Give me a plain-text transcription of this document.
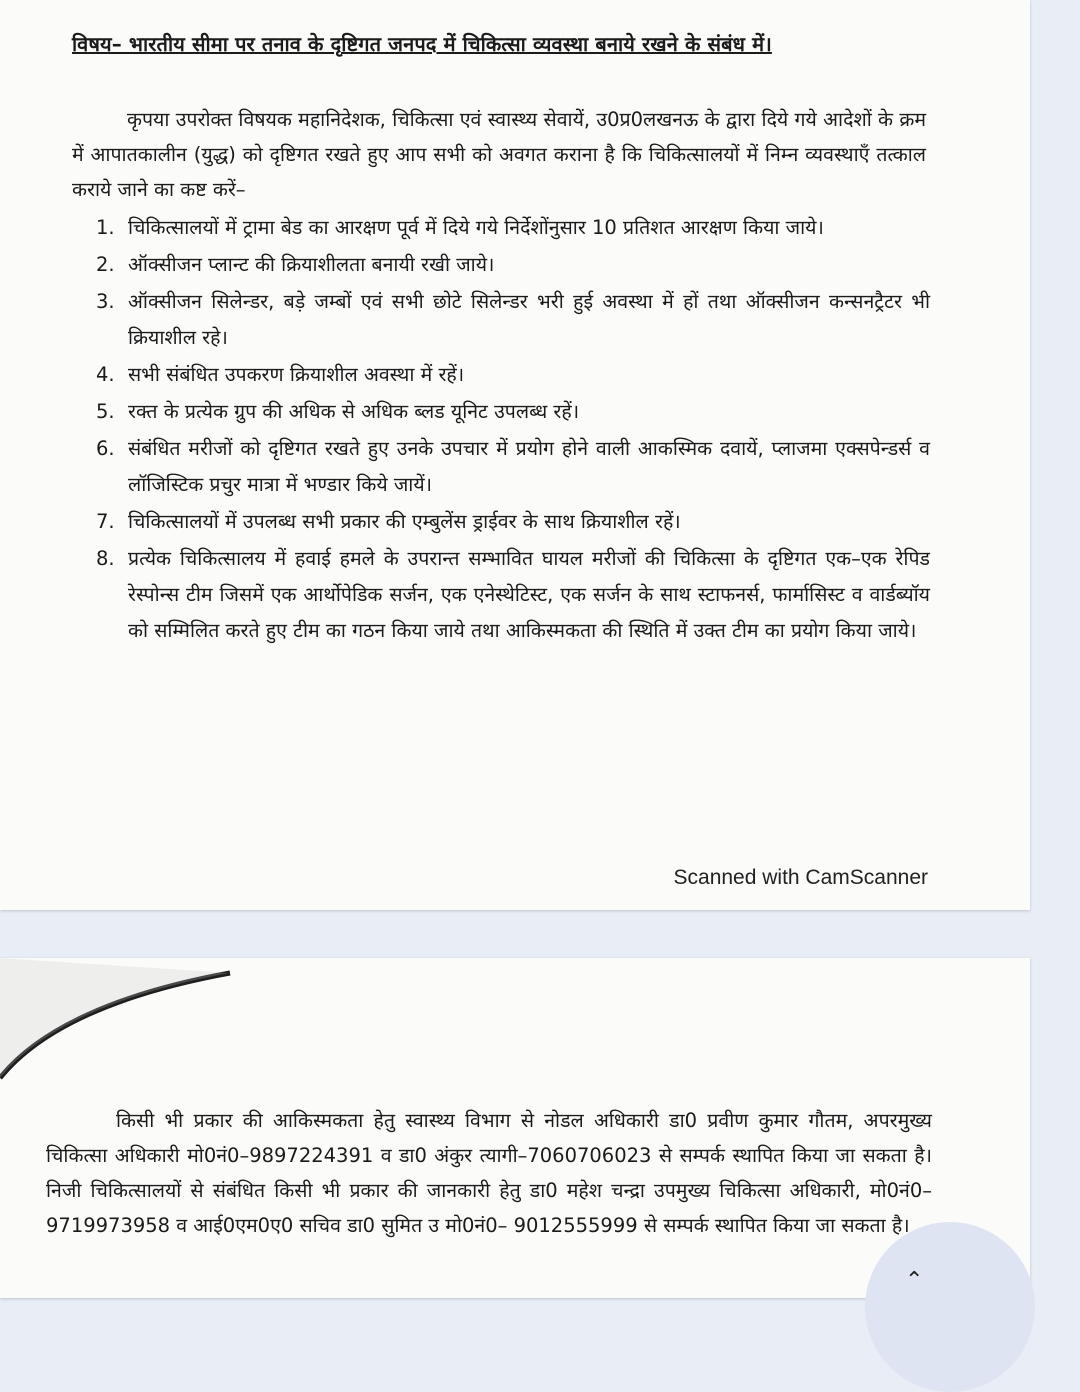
विषय– भारतीय सीमा पर तनाव के दृष्टिगत जनपद में चिकित्सा व्यवस्था बनाये रखने के संबंध में।
कृपया उपरोक्त विषयक महानिदेशक, चिकित्सा एवं स्वास्थ्य सेवायें, उ0प्र0लखनऊ के द्वारा दिये गये आदेशों के क्रम में आपातकालीन (युद्ध) को दृष्टिगत रखते हुए आप सभी को अवगत कराना है कि चिकित्सालयों में निम्न व्यवस्थाएँ तत्काल कराये जाने का कष्ट करें–
1. चिकित्सालयों में ट्रामा बेड का आरक्षण पूर्व में दिये गये निर्देशोंनुसार 10 प्रतिशत आरक्षण किया जाये।
2. ऑक्सीजन प्लान्ट की क्रियाशीलता बनायी रखी जाये।
3. ऑक्सीजन सिलेन्डर, बड़े जम्बों एवं सभी छोटे सिलेन्डर भरी हुई अवस्था में हों तथा ऑक्सीजन कन्सनट्रैटर भी क्रियाशील रहे।
4. सभी संबंधित उपकरण क्रियाशील अवस्था में रहें।
5. रक्त के प्रत्येक ग्रुप की अधिक से अधिक ब्लड यूनिट उपलब्ध रहें।
6. संबंधित मरीजों को दृष्टिगत रखते हुए उनके उपचार में प्रयोग होने वाली आकस्मिक दवायें, प्लाजमा एक्सपेन्डर्स व लॉजिस्टिक प्रचुर मात्रा में भण्डार किये जायें।
7. चिकित्सालयों में उपलब्ध सभी प्रकार की एम्बुलेंस ड्राईवर के साथ क्रियाशील रहें।
8. प्रत्येक चिकित्सालय में हवाई हमले के उपरान्त सम्भावित घायल मरीजों की चिकित्सा के दृष्टिगत एक–एक रेपिड रेस्पोन्स टीम जिसमें एक आर्थोपेडिक सर्जन, एक एनेस्थेटिस्ट, एक सर्जन के साथ स्टाफनर्स, फार्मासिस्ट व वार्डब्यॉय को सम्मिलित करते हुए टीम का गठन किया जाये तथा आकिस्मकता की स्थिति में उक्त टीम का प्रयोग किया जाये।
Scanned with CamScanner
किसी भी प्रकार की आकिस्मकता हेतु स्वास्थ्य विभाग से नोडल अधिकारी डा0 प्रवीण कुमार गौतम, अपरमुख्य चिकित्सा अधिकारी मो0नं0–9897224391 व डा0 अंकुर त्यागी–7060706023 से सम्पर्क स्थापित किया जा सकता है। निजी चिकित्सालयों से संबंधित किसी भी प्रकार की जानकारी हेतु डा0 महेश चन्द्रा उपमुख्य चिकित्सा अधिकारी, मो0नं0–9719973958 व आई0एम0ए0 सचिव डा0 सुमित उ मो0नं0– 9012555999 से सम्पर्क स्थापित किया जा सकता है।
⌃
